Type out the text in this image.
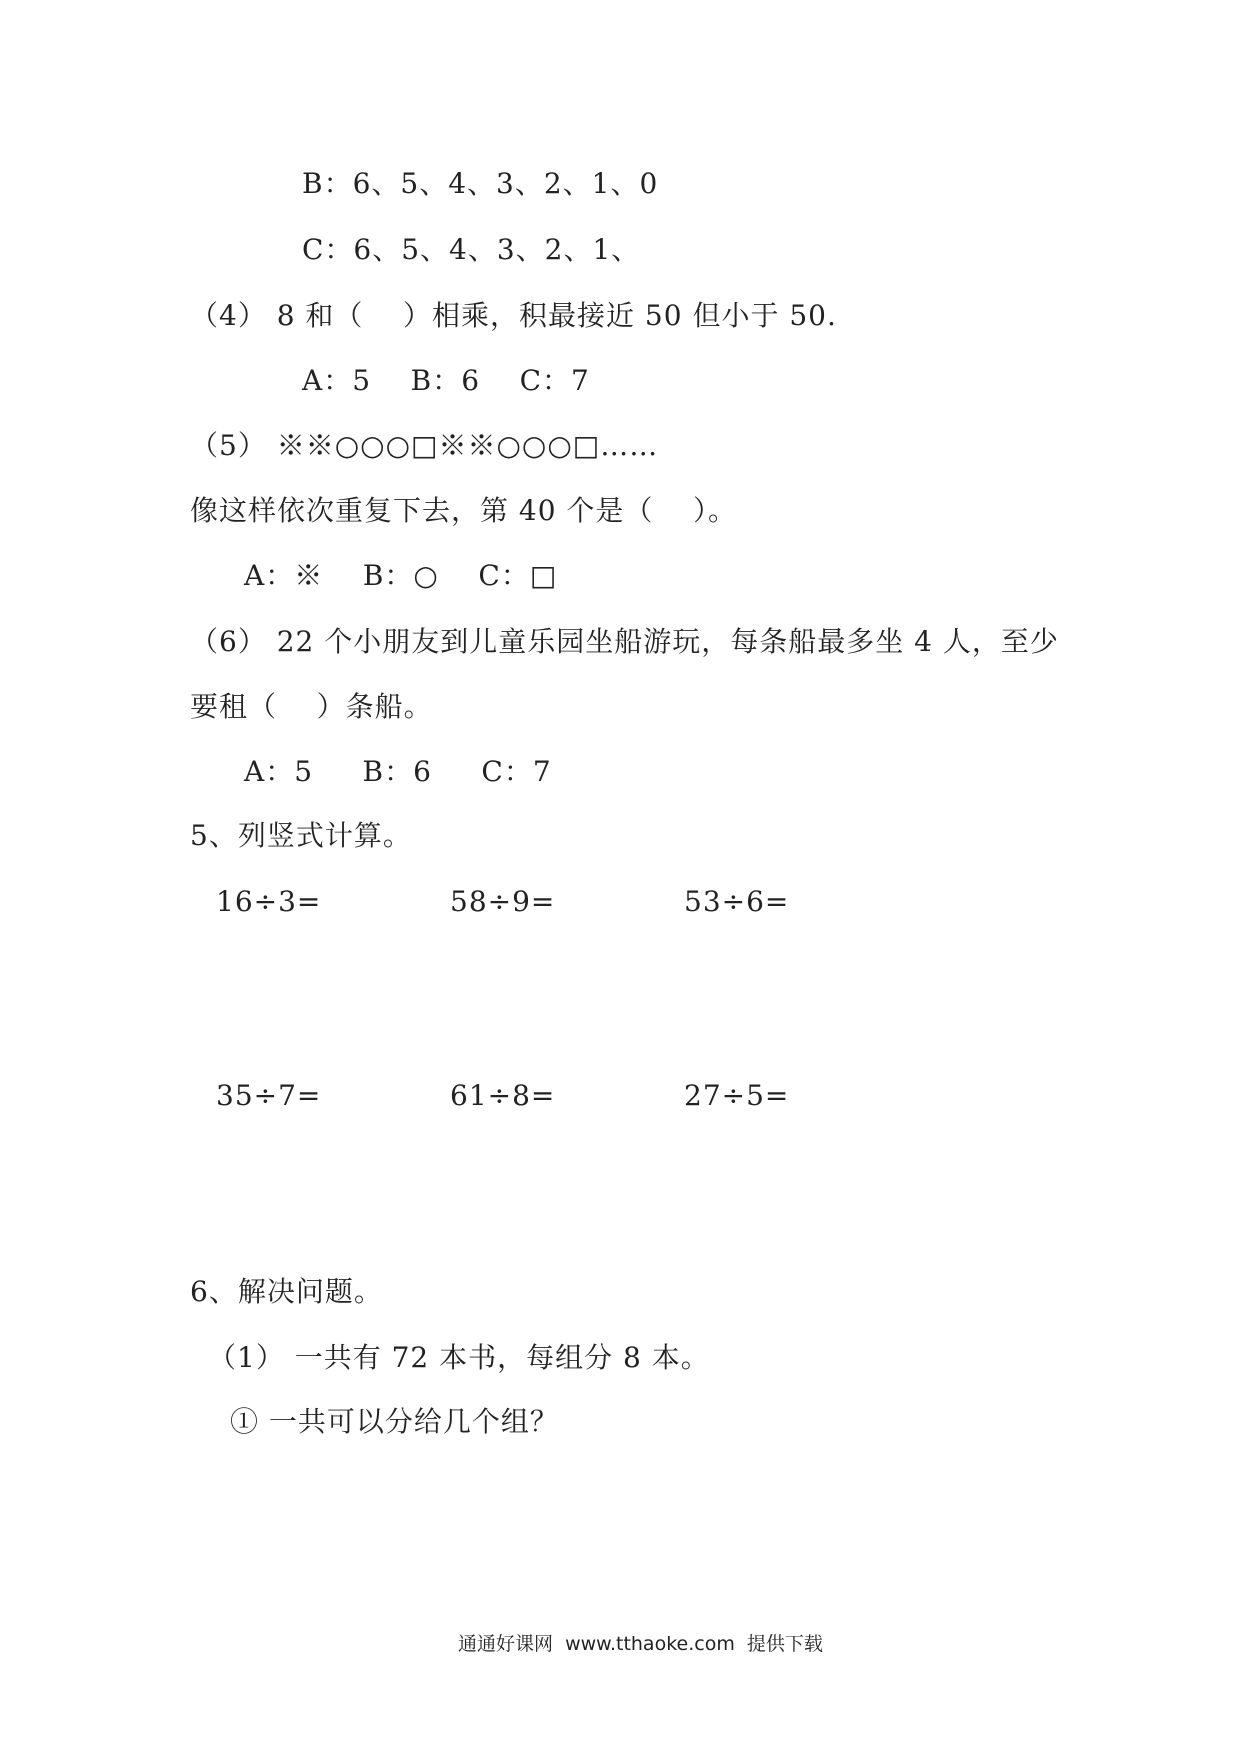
B：6、5、4、3、2、1、0
C：6、5、4、3、2、1、
（4） 8 和（    ）相乘，积最接近 50 但小于 50.
A：5    B：6    C：7
（5） ※※○○○□※※○○○□……
像这样依次重复下去，第 40 个是（    ）。
A：※    B：○    C：□
（6） 22 个小朋友到儿童乐园坐船游玩，每条船最多坐 4 人，至少
要租（    ）条船。
A：5     B：6     C：7
5、列竖式计算。
16÷3=	58÷9=	53÷6=
35÷7=	61÷8=	27÷5=
6、解决问题。
（1） 一共有 72 本书，每组分 8 本。
① 一共可以分给几个组？
通通好课网  www.tthaoke.com  提供下载
